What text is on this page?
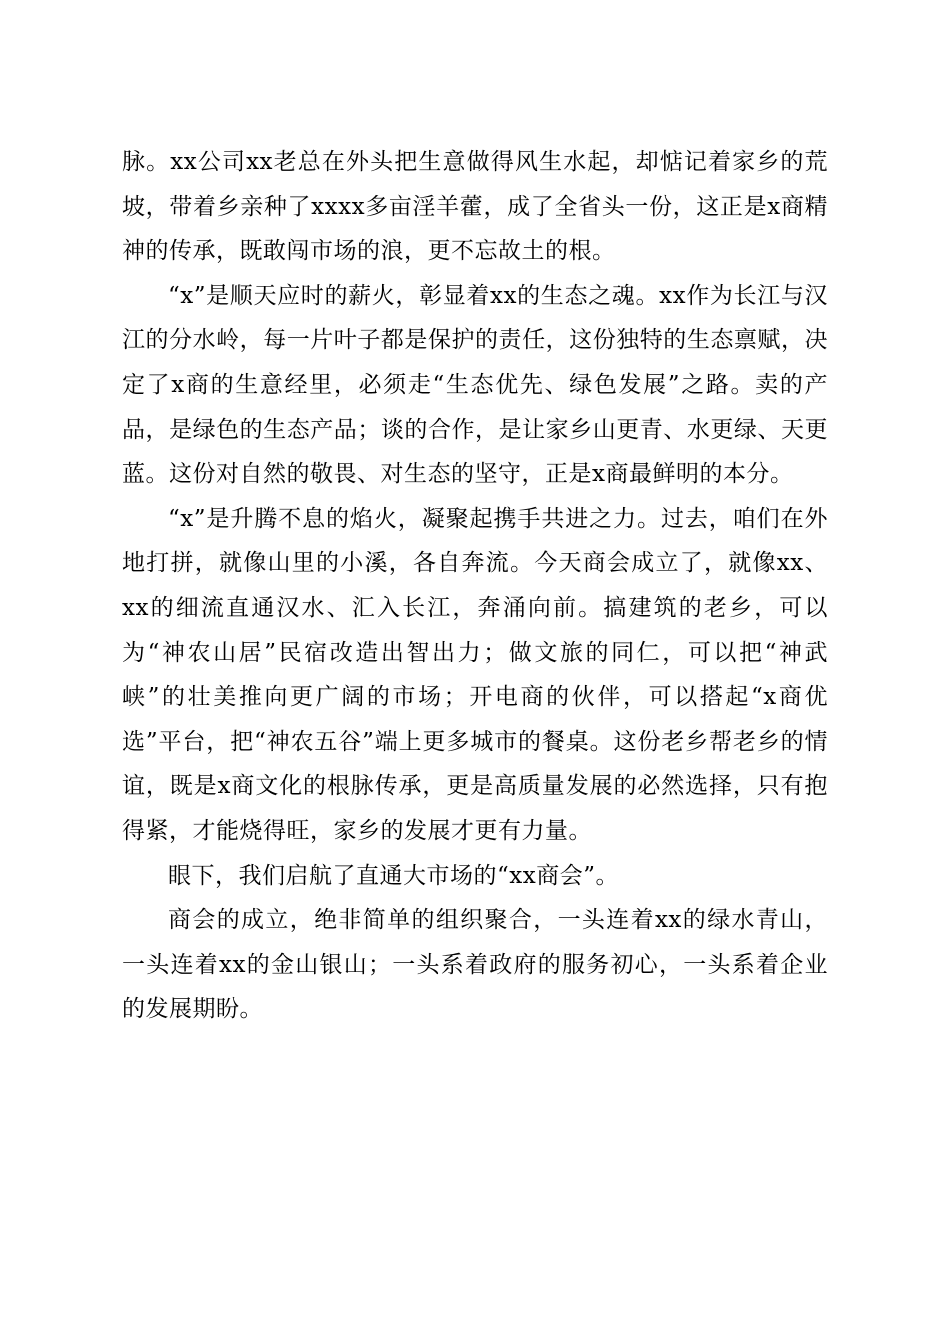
脉。xx公司xx老总在外头把生意做得风生水起，却惦记着家乡的荒坡，带着乡亲种了xxxx多亩淫羊藿，成了全省头一份，这正是x商精神的传承，既敢闯市场的浪，更不忘故土的根。

“x”是顺天应时的薪火，彰显着xx的生态之魂。xx作为长江与汉江的分水岭，每一片叶子都是保护的责任，这份独特的生态禀赋，决定了x商的生意经里，必须走“生态优先、绿色发展”之路。卖的产品，是绿色的生态产品；谈的合作，是让家乡山更青、水更绿、天更蓝。这份对自然的敬畏、对生态的坚守，正是x商最鲜明的本分。

“x”是升腾不息的焰火，凝聚起携手共进之力。过去，咱们在外地打拼，就像山里的小溪，各自奔流。今天商会成立了，就像xx、xx的细流直通汉水、汇入长江，奔涌向前。搞建筑的老乡，可以为“神农山居”民宿改造出智出力；做文旅的同仁，可以把“神武峡”的壮美推向更广阔的市场；开电商的伙伴，可以搭起“x商优选”平台，把“神农五谷”端上更多城市的餐桌。这份老乡帮老乡的情谊，既是x商文化的根脉传承，更是高质量发展的必然选择，只有抱得紧，才能烧得旺，家乡的发展才更有力量。

眼下，我们启航了直通大市场的“xx商会”。

商会的成立，绝非简单的组织聚合，一头连着xx的绿水青山，一头连着xx的金山银山；一头系着政府的服务初心，一头系着企业的发展期盼。
